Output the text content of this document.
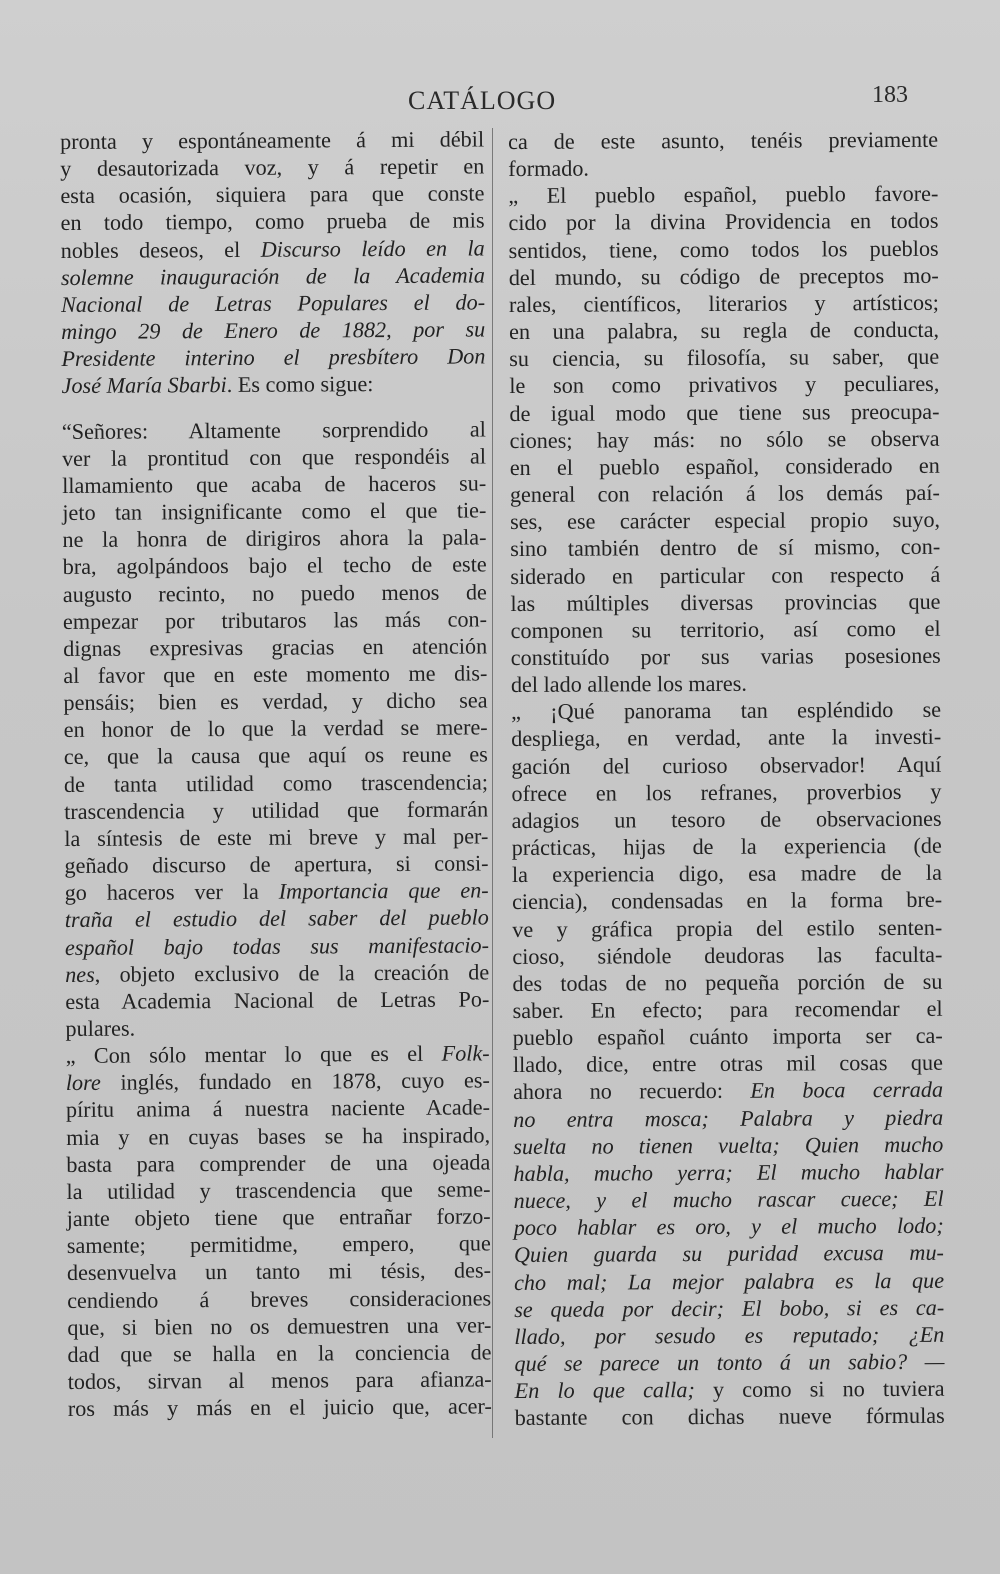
CATÁLOGO	183
pronta y espontáneamente á mi débil
y desautorizada voz, y á repetir en
esta ocasión, siquiera para que conste
en todo tiempo, como prueba de mis
nobles deseos, el Discurso leído en la
solemne inauguración de la Academia
Nacional de Letras Populares el do-
mingo 29 de Enero de 1882, por su
Presidente interino el presbítero Don
José María Sbarbi. Es como sigue:
“Señores: Altamente sorprendido al
ver la prontitud con que respondéis al
llamamiento que acaba de haceros su-
jeto tan insignificante como el que tie-
ne la honra de dirigiros ahora la pala-
bra, agolpándoos bajo el techo de este
augusto recinto, no puedo menos de
empezar por tributaros las más con-
dignas expresivas gracias en atención
al favor que en este momento me dis-
pensáis; bien es verdad, y dicho sea
en honor de lo que la verdad se mere-
ce, que la causa que aquí os reune es
de tanta utilidad como trascendencia;
trascendencia y utilidad que formarán
la síntesis de este mi breve y mal per-
geñado discurso de apertura, si consi-
go haceros ver la Importancia que en-
traña el estudio del saber del pueblo
español bajo todas sus manifestacio-
nes, objeto exclusivo de la creación de
esta Academia Nacional de Letras Po-
pulares.
„ Con sólo mentar lo que es el Folk-
lore inglés, fundado en 1878, cuyo es-
píritu anima á nuestra naciente Acade-
mia y en cuyas bases se ha inspirado,
basta para comprender de una ojeada
la utilidad y trascendencia que seme-
jante objeto tiene que entrañar forzo-
samente; permitidme, empero, que
desenvuelva un tanto mi tésis, des-
cendiendo á breves consideraciones
que, si bien no os demuestren una ver-
dad que se halla en la conciencia de
todos, sirvan al menos para afianza-
ros más y más en el juicio que, acer-
ca de este asunto, tenéis previamente
formado.
„ El pueblo español, pueblo favore-
cido por la divina Providencia en todos
sentidos, tiene, como todos los pueblos
del mundo, su código de preceptos mo-
rales, científicos, literarios y artísticos;
en una palabra, su regla de conducta,
su ciencia, su filosofía, su saber, que
le son como privativos y peculiares,
de igual modo que tiene sus preocupa-
ciones; hay más: no sólo se observa
en el pueblo español, considerado en
general con relación á los demás paí-
ses, ese carácter especial propio suyo,
sino también dentro de sí mismo, con-
siderado en particular con respecto á
las múltiples diversas provincias que
componen su territorio, así como el
constituído por sus varias posesiones
del lado allende los mares.
„ ¡Qué panorama tan espléndido se
despliega, en verdad, ante la investi-
gación del curioso observador! Aquí
ofrece en los refranes, proverbios y
adagios un tesoro de observaciones
prácticas, hijas de la experiencia (de
la experiencia digo, esa madre de la
ciencia), condensadas en la forma bre-
ve y gráfica propia del estilo senten-
cioso, siéndole deudoras las faculta-
des todas de no pequeña porción de su
saber. En efecto; para recomendar el
pueblo español cuánto importa ser ca-
llado, dice, entre otras mil cosas que
ahora no recuerdo: En boca cerrada
no entra mosca; Palabra y piedra
suelta no tienen vuelta; Quien mucho
habla, mucho yerra; El mucho hablar
nuece, y el mucho rascar cuece; El
poco hablar es oro, y el mucho lodo;
Quien guarda su puridad excusa mu-
cho mal; La mejor palabra es la que
se queda por decir; El bobo, si es ca-
llado, por sesudo es reputado; ¿En
qué se parece un tonto á un sabio? —
En lo que calla; y como si no tuviera
bastante con dichas nueve fórmulas
